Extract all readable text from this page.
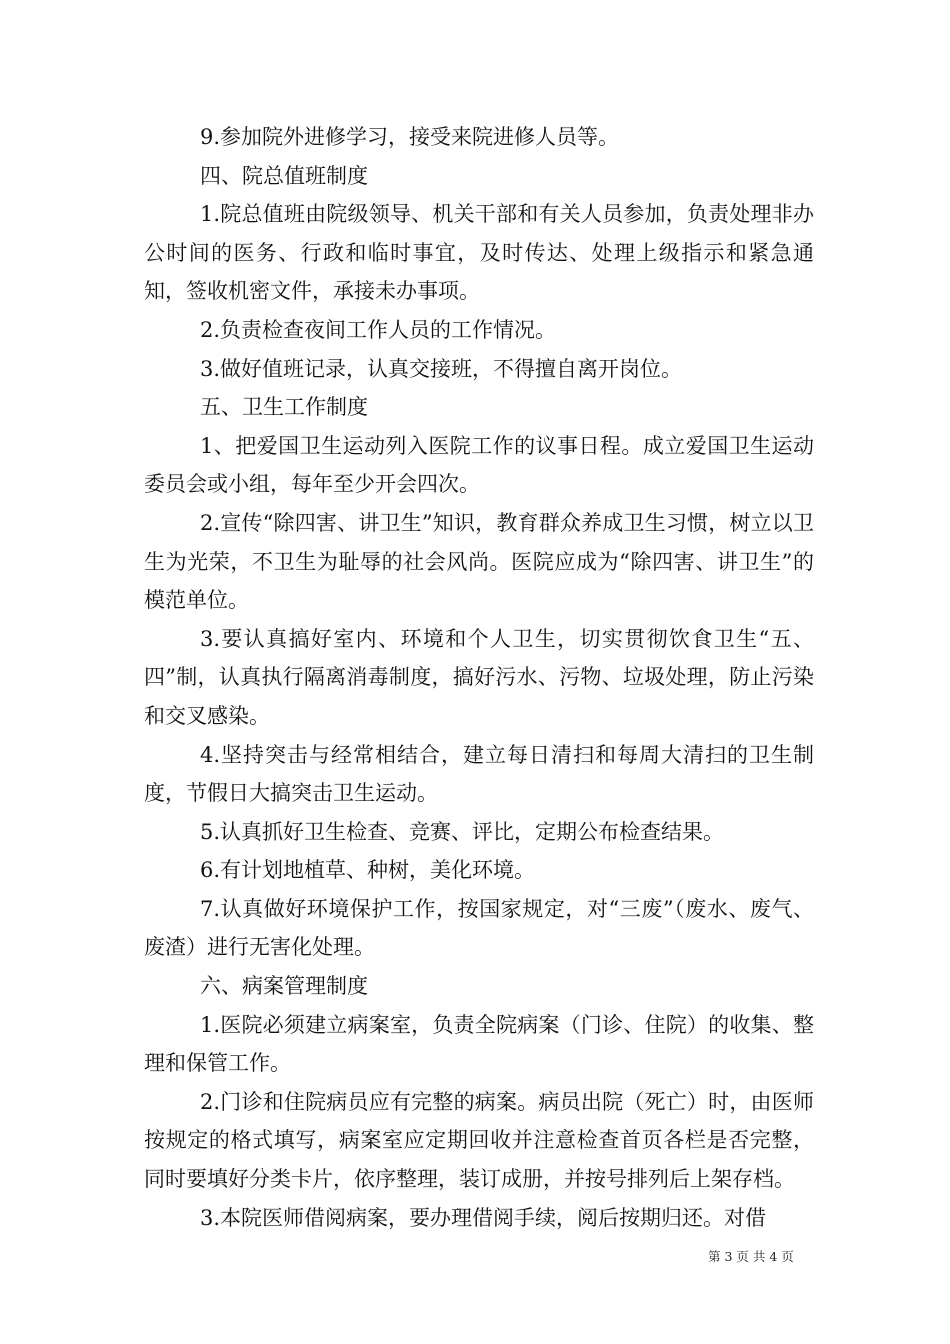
9.参加院外进修学习，接受来院进修人员等。

四、院总值班制度

1.院总值班由院级领导、机关干部和有关人员参加，负责处理非办公时间的医务、行政和临时事宜，及时传达、处理上级指示和紧急通知，签收机密文件，承接未办事项。

2.负责检查夜间工作人员的工作情况。

3.做好值班记录，认真交接班，不得擅自离开岗位。

五、卫生工作制度

1、把爱国卫生运动列入医院工作的议事日程。成立爱国卫生运动委员会或小组，每年至少开会四次。

2.宣传“除四害、讲卫生”知识，教育群众养成卫生习惯，树立以卫生为光荣，不卫生为耻辱的社会风尚。医院应成为“除四害、讲卫生”的模范单位。

3.要认真搞好室内、环境和个人卫生，切实贯彻饮食卫生“五、四”制，认真执行隔离消毒制度，搞好污水、污物、垃圾处理，防止污染和交叉感染。

4.坚持突击与经常相结合，建立每日清扫和每周大清扫的卫生制度，节假日大搞突击卫生运动。

5.认真抓好卫生检查、竞赛、评比，定期公布检查结果。

6.有计划地植草、种树，美化环境。

7.认真做好环境保护工作，按国家规定，对“三废”（废水、废气、废渣）进行无害化处理。

六、病案管理制度

1.医院必须建立病案室，负责全院病案（门诊、住院）的收集、整理和保管工作。

2.门诊和住院病员应有完整的病案。病员出院（死亡）时，由医师按规定的格式填写，病案室应定期回收并注意检查首页各栏是否完整，同时要填好分类卡片，依序整理，装订成册，并按号排列后上架存档。

3.本院医师借阅病案，要办理借阅手续，阅后按期归还。对借

第 3 页 共 4 页
